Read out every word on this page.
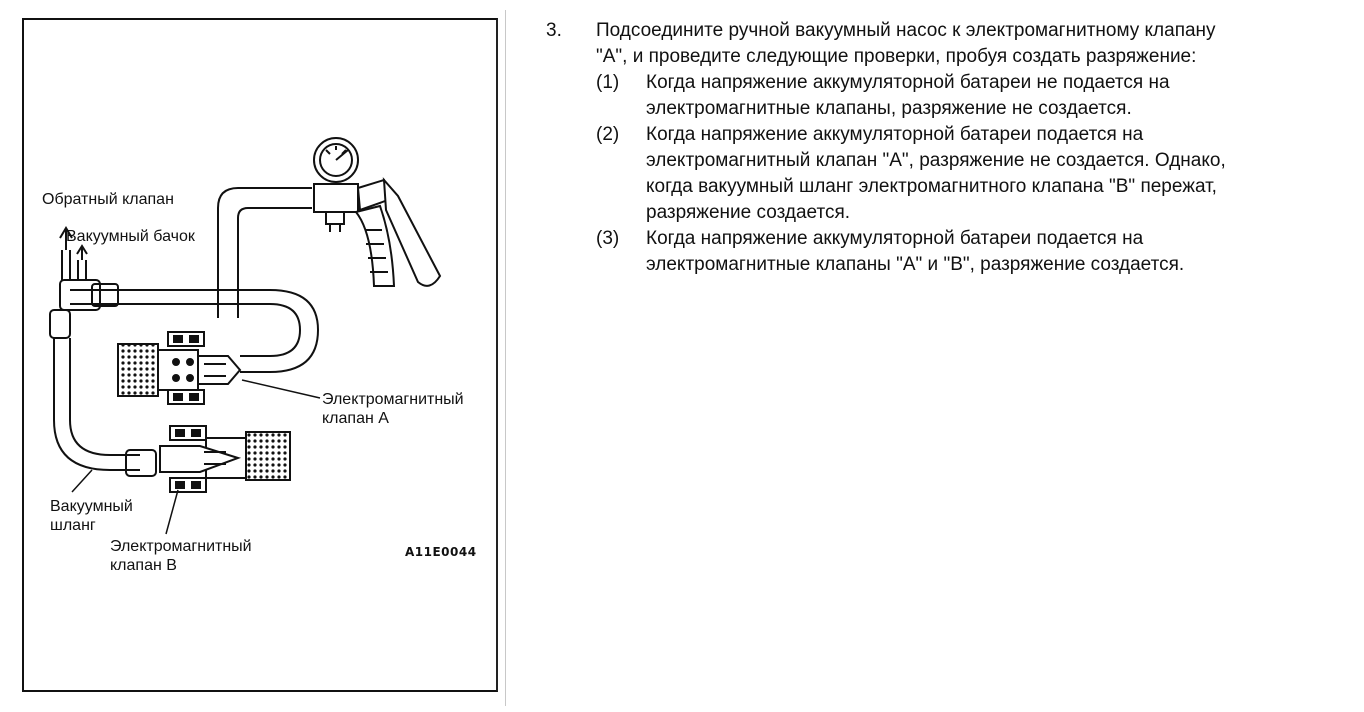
Обратный клапан
Вакуумный бачок
Электромагнитный
клапан А
Вакуумный
шланг
Электромагнитный
клапан В
A11E0044
3.	Подсоедините ручной вакуумный насос к электромагнитному клапану
"А", и проведите следующие проверки, пробуя создать разряжение:
(1)	Когда напряжение аккумуляторной батареи не подается на
электромагнитные клапаны, разряжение не создается.
(2)	Когда напряжение аккумуляторной батареи подается на
электромагнитный клапан "А", разряжение не создается. Однако,
когда вакуумный шланг электромагнитного клапана "В" пережат,
разряжение создается.
(3)	Когда напряжение аккумуляторной батареи подается на
электромагнитные клапаны "А" и "В", разряжение создается.
